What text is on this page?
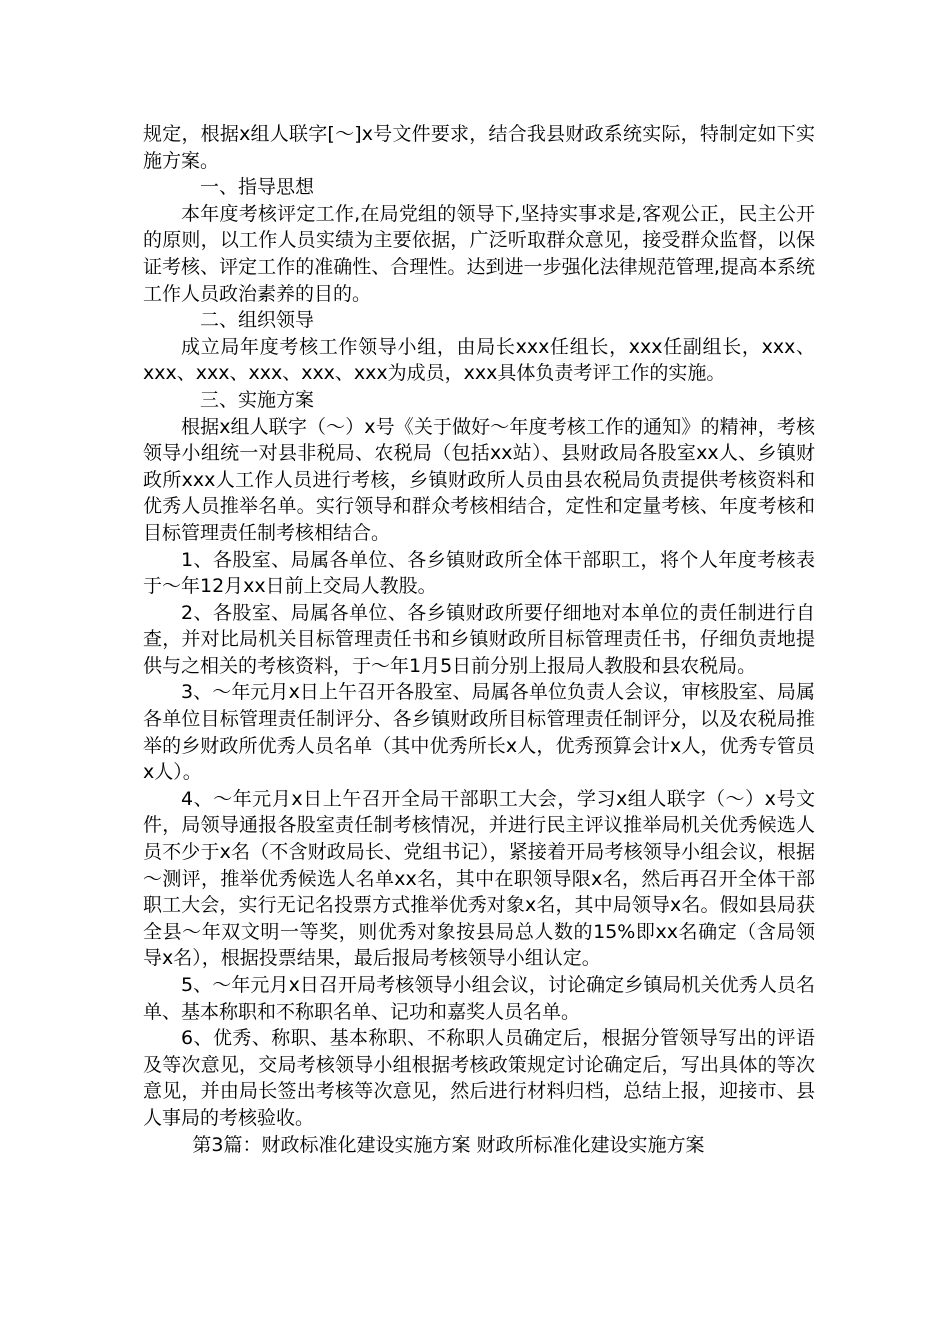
规定，根据x组人联字[～]x号文件要求，结合我县财政系统实际，特制定如下实施方案。

一、指导思想

本年度考核评定工作,在局党组的领导下,坚持实事求是,客观公正，民主公开的原则，以工作人员实绩为主要依据，广泛听取群众意见，接受群众监督，以保证考核、评定工作的准确性、合理性。达到进一步强化法律规范管理,提高本系统工作人员政治素养的目的。

二、组织领导

成立局年度考核工作领导小组，由局长xxx任组长，xxx任副组长，xxx、xxx、xxx、xxx、xxx、xxx为成员，xxx具体负责考评工作的实施。

三、实施方案

根据x组人联字（～）x号《关于做好～年度考核工作的通知》的精神，考核领导小组统一对县非税局、农税局（包括xx站）、县财政局各股室xx人、乡镇财政所xxx人工作人员进行考核，乡镇财政所人员由县农税局负责提供考核资料和优秀人员推举名单。实行领导和群众考核相结合，定性和定量考核、年度考核和目标管理责任制考核相结合。

1、各股室、局属各单位、各乡镇财政所全体干部职工，将个人年度考核表于～年12月xx日前上交局人教股。

2、各股室、局属各单位、各乡镇财政所要仔细地对本单位的责任制进行自查，并对比局机关目标管理责任书和乡镇财政所目标管理责任书，仔细负责地提供与之相关的考核资料，于～年1月5日前分别上报局人教股和县农税局。

3、～年元月x日上午召开各股室、局属各单位负责人会议，审核股室、局属各单位目标管理责任制评分、各乡镇财政所目标管理责任制评分，以及农税局推举的乡财政所优秀人员名单（其中优秀所长x人，优秀预算会计x人，优秀专管员x人）。

4、～年元月x日上午召开全局干部职工大会，学习x组人联字（～）x号文件，局领导通报各股室责任制考核情况，并进行民主评议推举局机关优秀候选人员不少于x名（不含财政局长、党组书记），紧接着开局考核领导小组会议，根据～测评，推举优秀候选人名单xx名，其中在职领导限x名，然后再召开全体干部职工大会，实行无记名投票方式推举优秀对象x名，其中局领导x名。假如县局获全县～年双文明一等奖，则优秀对象按县局总人数的15%即xx名确定（含局领导x名），根据投票结果，最后报局考核领导小组认定。

5、～年元月x日召开局考核领导小组会议，讨论确定乡镇局机关优秀人员名单、基本称职和不称职名单、记功和嘉奖人员名单。

6、优秀、称职、基本称职、不称职人员确定后，根据分管领导写出的评语及等次意见，交局考核领导小组根据考核政策规定讨论确定后，写出具体的等次意见，并由局长签出考核等次意见，然后进行材料归档，总结上报，迎接市、县人事局的考核验收。

第3篇：财政标准化建设实施方案 财政所标准化建设实施方案
